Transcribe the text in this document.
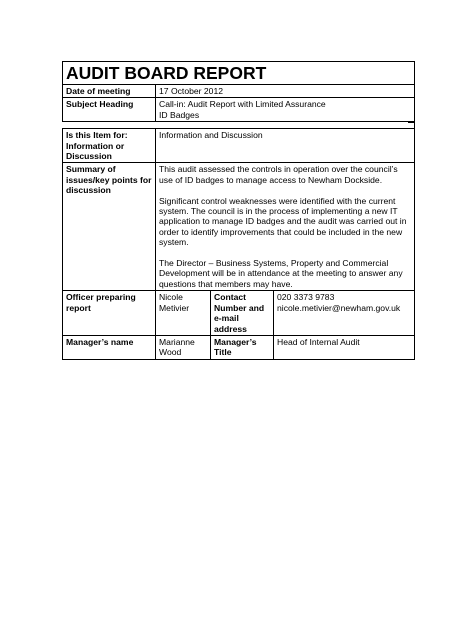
AUDIT BOARD REPORT	
Date of meeting	17 October 2012
Subject Heading	Call-in: Audit Report with Limited Assurance
ID Badges

Is this Item for: Information or Discussion	Information and Discussion		
Summary of issues/key points for discussion	This audit assessed the controls in operation over the council’s use of ID badges to manage access to Newham Dockside.
Significant control weaknesses were identified with the current system. The council is in the process of implementing a new IT application to manage ID badges and the audit was carried out in order to identify improvements that could be included in the new system.
The Director – Business Systems, Property and Commercial Development will be in attendance at the meeting to answer any questions that members may have.		

Officer preparing report	Nicole Metivier	Contact Number and e-mail address	020 3373 9783
nicole.metivier@newham.gov.uk

Manager’s name	Marianne Wood	Manager’s Title	Head of Internal Audit
